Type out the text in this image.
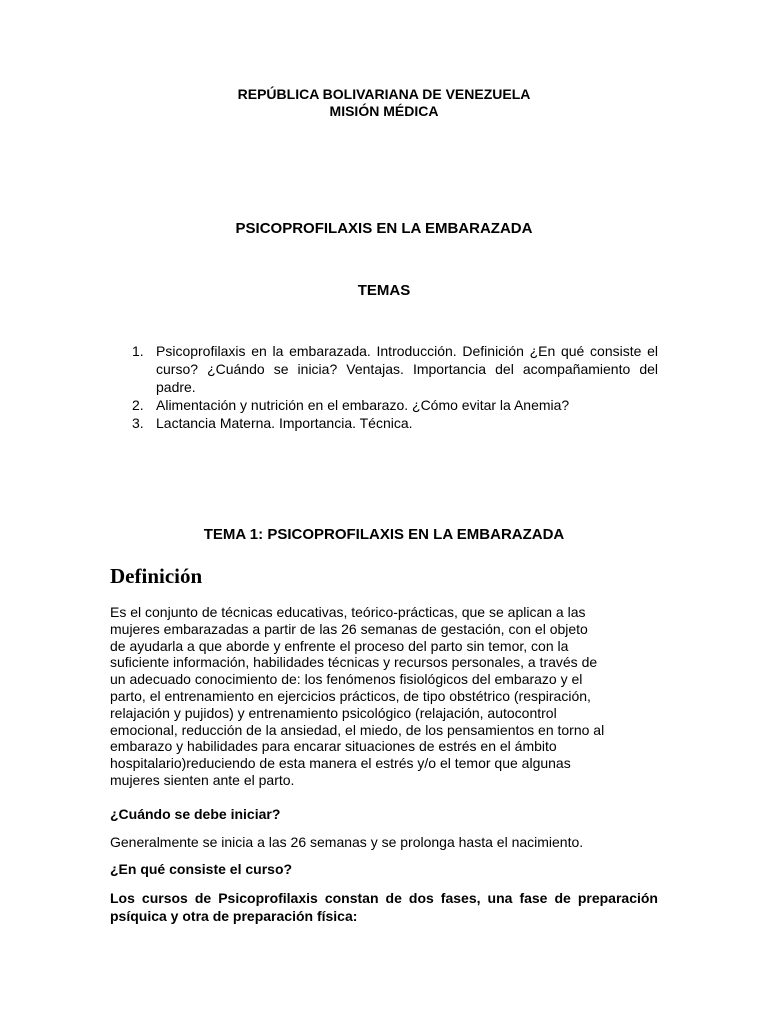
REPÚBLICA BOLIVARIANA DE VENEZUELA
MISIÓN MÉDICA
PSICOPROFILAXIS EN LA EMBARAZADA
TEMAS
1. Psicoprofilaxis en la embarazada. Introducción. Definición ¿En qué consiste el curso? ¿Cuándo se inicia? Ventajas. Importancia del acompañamiento del padre.
2. Alimentación y nutrición en el embarazo. ¿Cómo evitar la Anemia?
3. Lactancia Materna. Importancia. Técnica.
TEMA 1: PSICOPROFILAXIS EN LA EMBARAZADA
Definición
Es el conjunto de técnicas educativas, teórico-prácticas, que se aplican a las
mujeres embarazadas a partir de las 26 semanas de gestación, con el objeto
de ayudarla a que aborde y enfrente el proceso del parto sin temor, con la
suficiente información, habilidades técnicas y recursos personales, a través de
un adecuado conocimiento de: los fenómenos fisiológicos del embarazo y el
parto, el entrenamiento en ejercicios prácticos, de tipo obstétrico (respiración,
relajación y pujidos) y entrenamiento psicológico (relajación, autocontrol
emocional, reducción de la ansiedad, el miedo, de los pensamientos en torno al
embarazo y habilidades para encarar situaciones de estrés en el ámbito
hospitalario)reduciendo de esta manera el estrés y/o el temor que algunas
mujeres sienten ante el parto.
¿Cuándo se debe iniciar?
Generalmente se inicia a las 26 semanas y se prolonga hasta el nacimiento.
¿En qué consiste el curso?
Los cursos de Psicoprofilaxis constan de dos fases, una fase de preparación psíquica y otra de preparación física:
